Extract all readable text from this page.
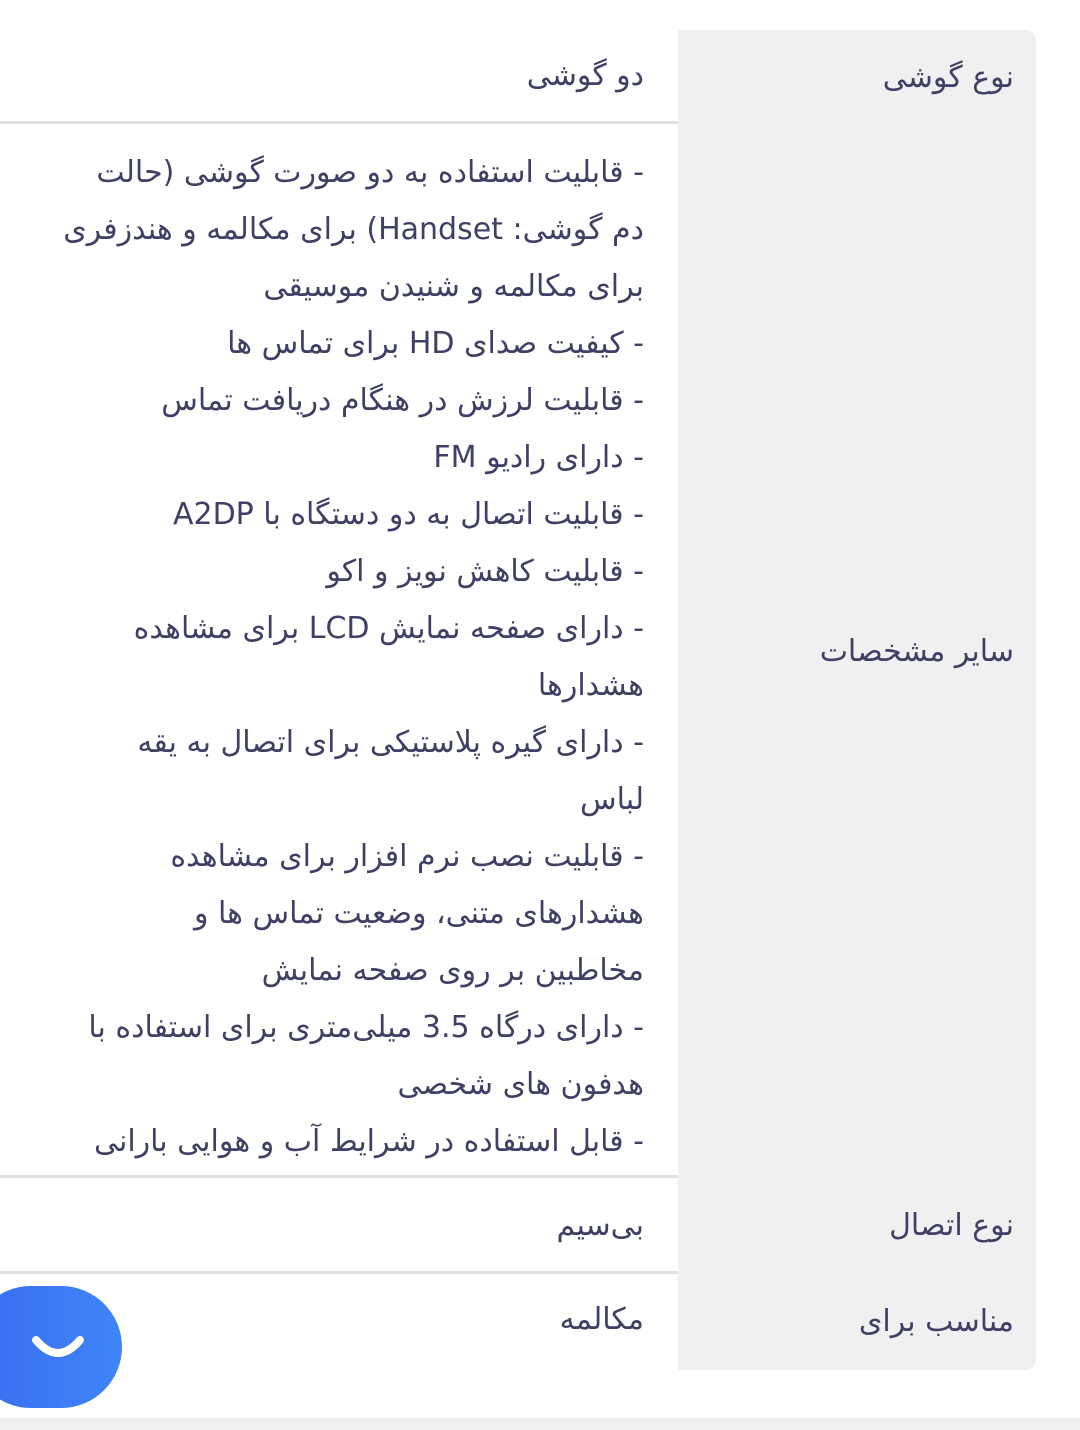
نوع گوشی
دو گوشی
سایر مشخصات
- قابلیت استفاده به دو صورت گوشی (حالت
دم گوشی: Handset) برای مکالمه و هندزفری
برای مکالمه و شنیدن موسیقی
- کیفیت صدای HD برای تماس ها
- قابلیت لرزش در هنگام دریافت تماس
- دارای رادیو FM
- قابلیت اتصال به دو دستگاه با A2DP
- قابلیت کاهش نویز و اکو
- دارای صفحه نمایش LCD برای مشاهده
هشدارها
- دارای گیره پلاستیکی برای اتصال به یقه
لباس
- قابلیت نصب نرم افزار برای مشاهده
هشدارهای متنی، وضعیت تماس ها و
مخاطبین بر روی صفحه نمایش
- دارای درگاه 3.5 میلی‌متری برای استفاده با
هدفون های شخصی
- قابل استفاده در شرایط آب و هوایی بارانی
نوع اتصال
بی‌سیم
مناسب برای
مکالمه
